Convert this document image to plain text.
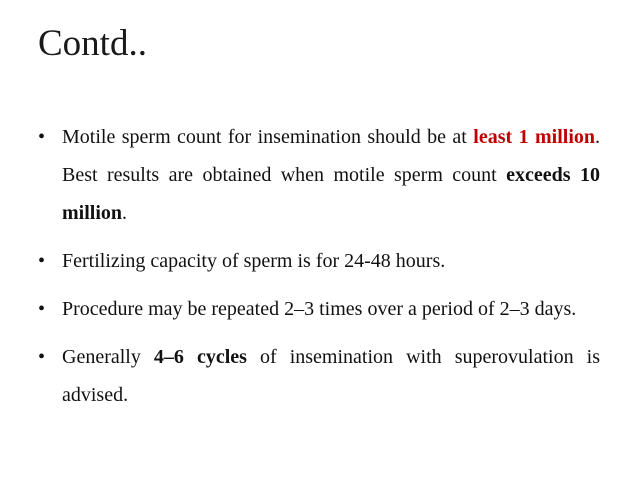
Contd..
• Motile sperm count for insemination should be at least 1 million. Best results are obtained when motile sperm count exceeds 10 million.
• Fertilizing capacity of sperm is for 24-48 hours.
• Procedure may be repeated 2–3 times over a period of 2–3 days.
• Generally 4–6 cycles of insemination with superovulation is advised.
